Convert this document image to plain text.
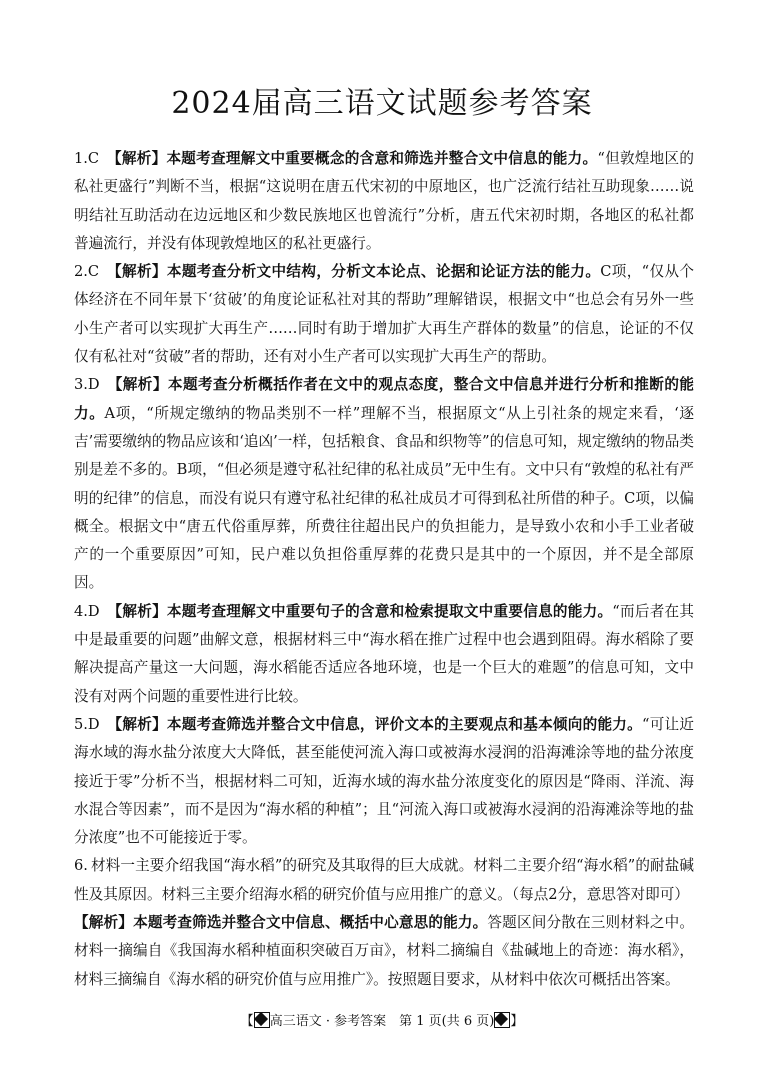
2024届高三语文试题参考答案

1.C 【解析】本题考查理解文中重要概念的含意和筛选并整合文中信息的能力。“但敦煌地区的私社更盛行”判断不当，根据“这说明在唐五代宋初的中原地区，也广泛流行结社互助现象……说明结社互助活动在边远地区和少数民族地区也曾流行”分析，唐五代宋初时期，各地区的私社都普遍流行，并没有体现敦煌地区的私社更盛行。

2.C 【解析】本题考查分析文中结构，分析文本论点、论据和论证方法的能力。C项，“仅从个体经济在不同年景下‘贫破’的角度论证私社对其的帮助”理解错误，根据文中“也总会有另外一些小生产者可以实现扩大再生产……同时有助于增加扩大再生产群体的数量”的信息，论证的不仅仅有私社对“贫破”者的帮助，还有对小生产者可以实现扩大再生产的帮助。

3.D 【解析】本题考查分析概括作者在文中的观点态度，整合文中信息并进行分析和推断的能力。A项，“所规定缴纳的物品类别不一样”理解不当，根据原文“从上引社条的规定来看，‘逐吉’需要缴纳的物品应该和‘追凶’一样，包括粮食、食品和织物等”的信息可知，规定缴纳的物品类别是差不多的。B项，“但必须是遵守私社纪律的私社成员”无中生有。文中只有“敦煌的私社有严明的纪律”的信息，而没有说只有遵守私社纪律的私社成员才可得到私社所借的种子。C项，以偏概全。根据文中“唐五代俗重厚葬，所费往往超出民户的负担能力，是导致小农和小手工业者破产的一个重要原因”可知，民户难以负担俗重厚葬的花费只是其中的一个原因，并不是全部原因。

4.D 【解析】本题考查理解文中重要句子的含意和检索提取文中重要信息的能力。“而后者在其中是最重要的问题”曲解文意，根据材料三中“海水稻在推广过程中也会遇到阻碍。海水稻除了要解决提高产量这一大问题，海水稻能否适应各地环境，也是一个巨大的难题”的信息可知，文中没有对两个问题的重要性进行比较。

5.D 【解析】本题考查筛选并整合文中信息，评价文本的主要观点和基本倾向的能力。“可让近海水域的海水盐分浓度大大降低，甚至能使河流入海口或被海水浸润的沿海滩涂等地的盐分浓度接近于零”分析不当，根据材料二可知，近海水域的海水盐分浓度变化的原因是“降雨、洋流、海水混合等因素”，而不是因为“海水稻的种植”；且“河流入海口或被海水浸润的沿海滩涂等地的盐分浓度”也不可能接近于零。

6. 材料一主要介绍我国“海水稻”的研究及其取得的巨大成就。材料二主要介绍“海水稻”的耐盐碱性及其原因。材料三主要介绍海水稻的研究价值与应用推广的意义。（每点2分，意思答对即可）

【解析】本题考查筛选并整合文中信息、概括中心意思的能力。答题区间分散在三则材料之中。材料一摘编自《我国海水稻种植面积突破百万亩》，材料二摘编自《盐碱地上的奇迹：海水稻》，材料三摘编自《海水稻的研究价值与应用推广》。按照题目要求，从材料中依次可概括出答案。

【 高三语文 · 参考答案　第 1 页(共 6 页) 】
